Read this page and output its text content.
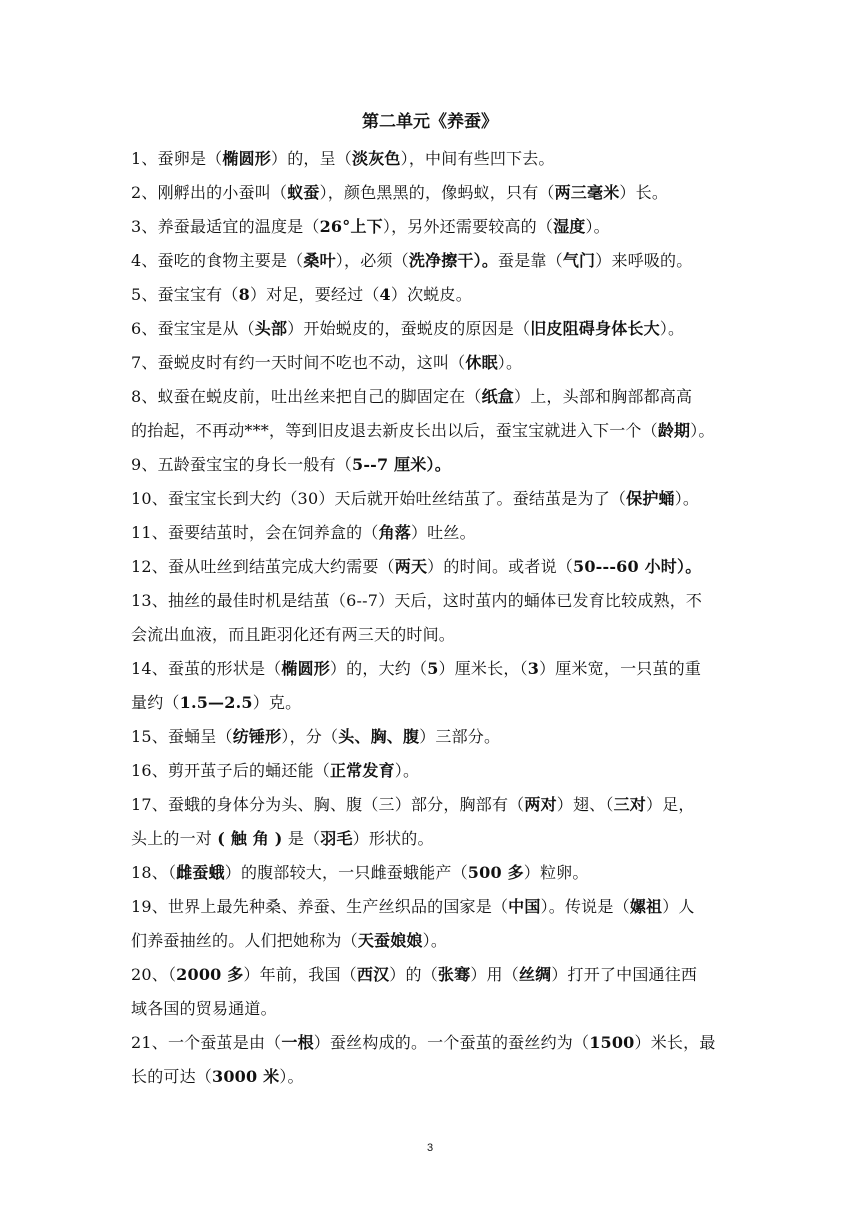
第二单元《养蚕》
1、蚕卵是（椭圆形）的，呈（淡灰色），中间有些凹下去。
2、刚孵出的小蚕叫（蚁蚕），颜色黑黑的，像蚂蚁，只有（两三毫米）长。
3、养蚕最适宜的温度是（26°上下），另外还需要较高的（湿度）。
4、蚕吃的食物主要是（桑叶），必须（洗净擦干）。蚕是靠（气门）来呼吸的。
5、蚕宝宝有（8）对足，要经过（4）次蜕皮。
6、蚕宝宝是从（头部）开始蜕皮的，蚕蜕皮的原因是（旧皮阻碍身体长大）。
7、蚕蜕皮时有约一天时间不吃也不动，这叫（休眠）。
8、蚁蚕在蜕皮前，吐出丝来把自己的脚固定在（纸盒）上，头部和胸部都高高
的抬起，不再动***，等到旧皮退去新皮长出以后，蚕宝宝就进入下一个（龄期）。
9、五龄蚕宝宝的身长一般有（5--7 厘米）。
10、蚕宝宝长到大约（30）天后就开始吐丝结茧了。蚕结茧是为了（保护蛹）。
11、蚕要结茧时，会在饲养盒的（角落）吐丝。
12、蚕从吐丝到结茧完成大约需要（两天）的时间。或者说（50---60 小时）。
13、抽丝的最佳时机是结茧（6--7）天后，这时茧内的蛹体已发育比较成熟，不
会流出血液，而且距羽化还有两三天的时间。
14、蚕茧的形状是（椭圆形）的，大约（5）厘米长，（3）厘米宽，一只茧的重
量约（1.5—2.5）克。
15、蚕蛹呈（纺锤形），分（头、胸、腹）三部分。
16、剪开茧子后的蛹还能（正常发育）。
17、蚕蛾的身体分为头、胸、腹（三）部分，胸部有（两对）翅、（三对）足，
头上的一对 ( 触 角 ) 是（羽毛）形状的。
18、（雌蚕蛾）的腹部较大，一只雌蚕蛾能产（500 多）粒卵。
19、世界上最先种桑、养蚕、生产丝织品的国家是（中国）。传说是（嫘祖）人
们养蚕抽丝的。人们把她称为（天蚕娘娘）。
20、（2000 多）年前，我国（西汉）的（张骞）用（丝绸）打开了中国通往西
域各国的贸易通道。
21、一个蚕茧是由（一根）蚕丝构成的。一个蚕茧的蚕丝约为（1500）米长，最
长的可达（3000 米）。
3
